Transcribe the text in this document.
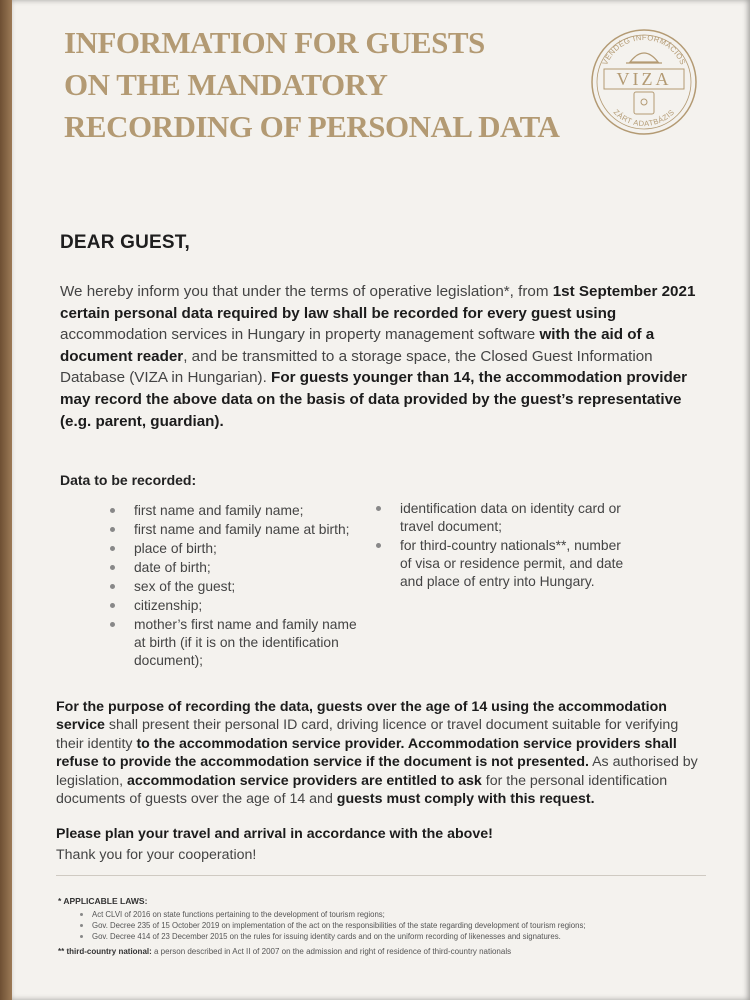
INFORMATION FOR GUESTS
ON THE MANDATORY
RECORDING OF PERSONAL DATA
VENDÉG INFORMÁCIÓS
VIZA
ZÁRT ADATBÁZIS
DEAR GUEST,
We hereby inform you that under the terms of operative legislation*, from 1st September 2021 certain personal data required by law shall be recorded for every guest using accommodation services in Hungary in property management software with the aid of a document reader, and be transmitted to a storage space, the Closed Guest Information Database (VIZA in Hungarian). For guests younger than 14, the accommodation provider may record the above data on the basis of data provided by the guest’s representative (e.g. parent, guardian).
Data to be recorded:
first name and family name;
first name and family name at birth;
place of birth;
date of birth;
sex of the guest;
citizenship;
mother’s first name and family name at birth (if it is on the identification document);
identification data on identity card or travel document;
for third-country nationals**, number of visa or residence permit, and date and place of entry into Hungary.
For the purpose of recording the data, guests over the age of 14 using the accommodation service shall present their personal ID card, driving licence or travel document suitable for verifying their identity to the accommodation service provider. Accommodation service providers shall refuse to provide the accommodation service if the document is not presented. As authorised by legislation, accommodation service providers are entitled to ask for the personal identification documents of guests over the age of 14 and guests must comply with this request.
Please plan your travel and arrival in accordance with the above!
Thank you for your cooperation!
* APPLICABLE LAWS:
Act CLVI of 2016 on state functions pertaining to the development of tourism regions;
Gov. Decree 235 of 15 October 2019 on implementation of the act on the responsibilities of the state regarding development of tourism regions;
Gov. Decree 414 of 23 December 2015 on the rules for issuing identity cards and on the uniform recording of likenesses and signatures.
** third-country national: a person described in Act II of 2007 on the admission and right of residence of third-country nationals
